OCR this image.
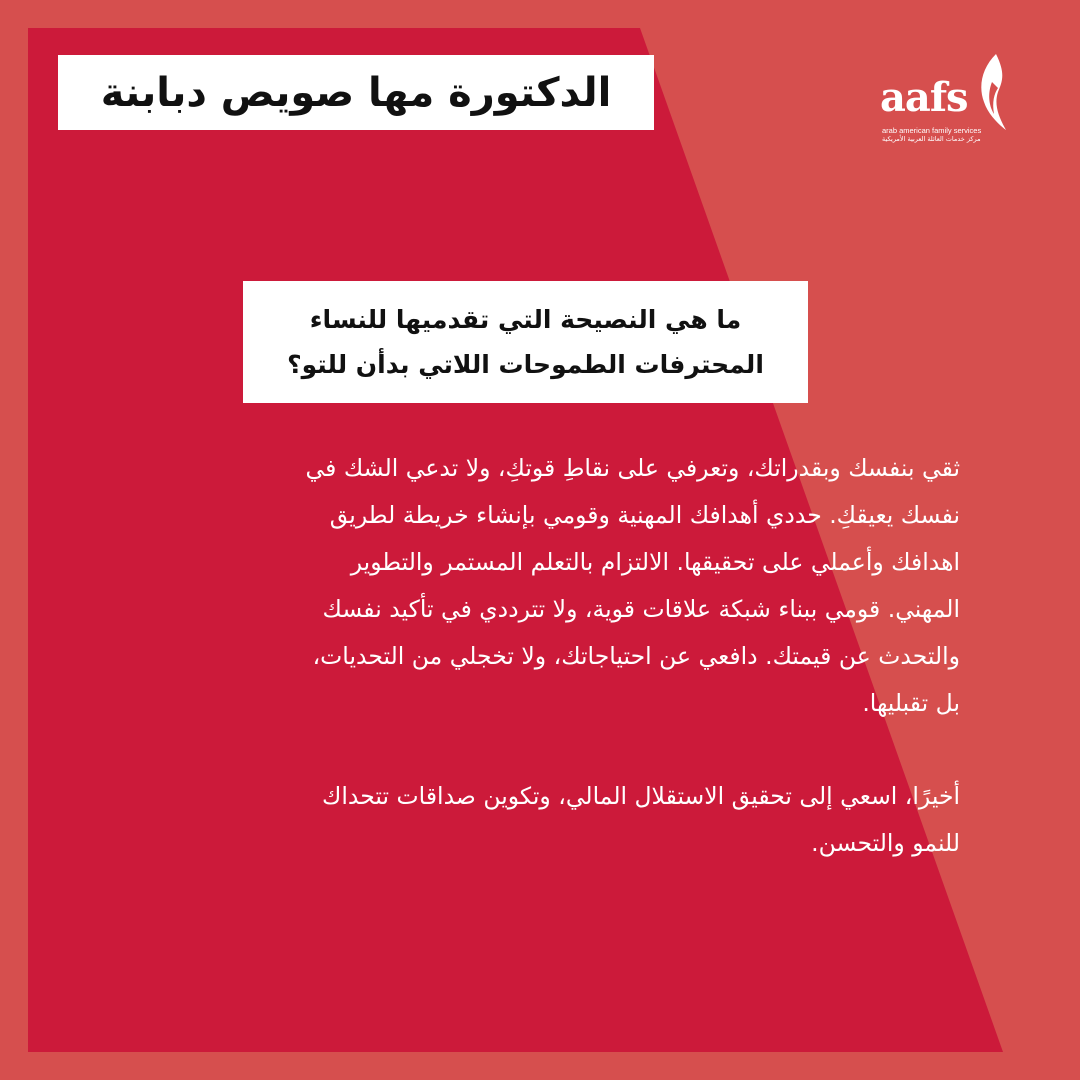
الدكتورة مها صويص دبابنة	aafs
arab american family services
مركز خدمات العائلة العربية الأمريكية
ما هي النصيحة التي تقدميها للنساء
المحترفات الطموحات اللاتي بدأن للتو؟
ثقي بنفسك وبقدراتك، وتعرفي على نقاطِ قوتكِ، ولا تدعي الشك في
نفسك يعيقكِ. حددي أهدافك المهنية وقومي بإنشاء خريطة لطريق
اهدافك وأعملي على تحقيقها. الالتزام بالتعلم المستمر والتطوير
المهني. قومي ببناء شبكة علاقات قوية، ولا تترددي في تأكيد نفسك
والتحدث عن قيمتك. دافعي عن احتياجاتك، ولا تخجلي من التحديات،
بل تقبليها.
أخيرًا، اسعي إلى تحقيق الاستقلال المالي، وتكوين صداقات تتحداك
للنمو والتحسن.
